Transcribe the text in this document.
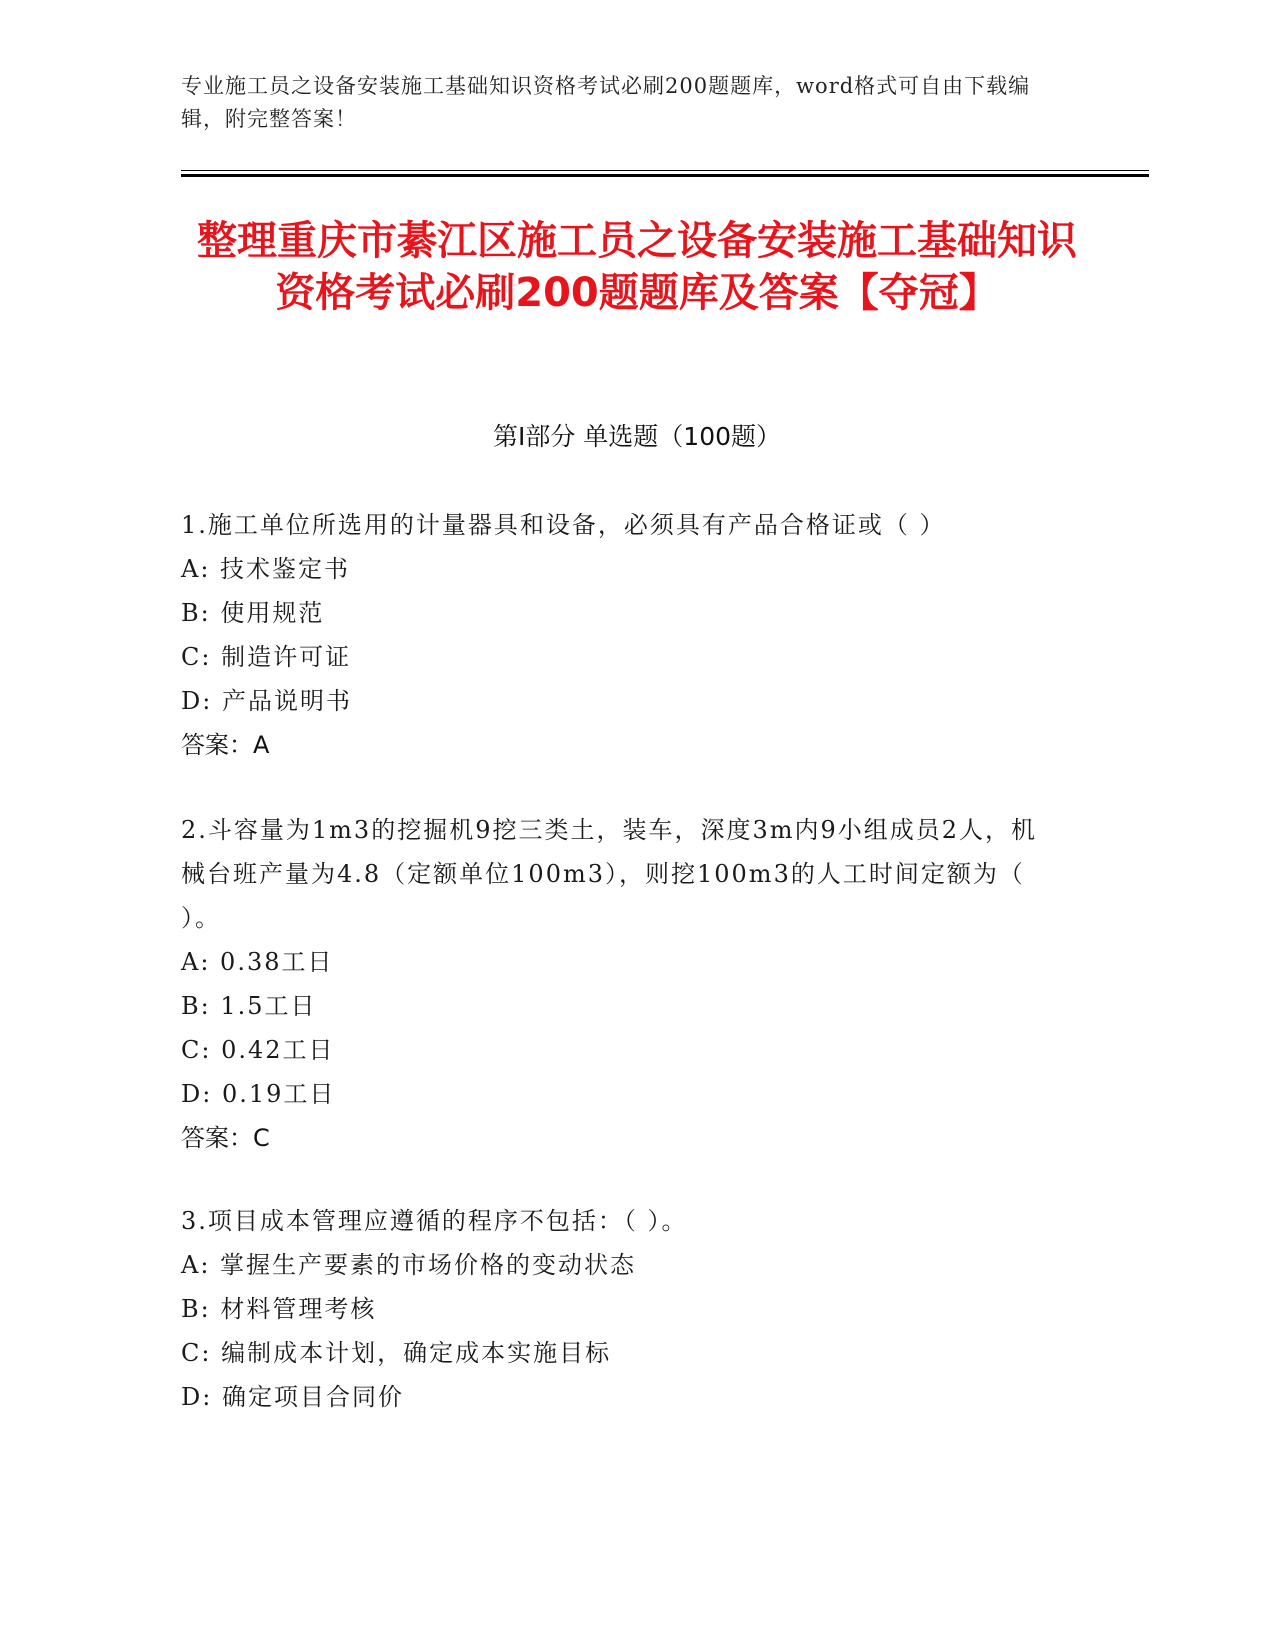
专业施工员之设备安装施工基础知识资格考试必刷200题题库，word格式可自由下载编辑，附完整答案！
整理重庆市綦江区施工员之设备安装施工基础知识资格考试必刷200题题库及答案【夺冠】
第Ⅰ部分 单选题（100题）
1.施工单位所选用的计量器具和设备，必须具有产品合格证或（ ）
A: 技术鉴定书
B: 使用规范
C: 制造许可证
D: 产品说明书
答案：A
2.斗容量为1m3的挖掘机9挖三类土，装车，深度3m内9小组成员2人，机械台班产量为4.8（定额单位100m3），则挖100m3的人工时间定额为（ ）。
A: 0.38工日
B: 1.5工日
C: 0.42工日
D: 0.19工日
答案：C
3.项目成本管理应遵循的程序不包括：（ ）。
A: 掌握生产要素的市场价格的变动状态
B: 材料管理考核
C: 编制成本计划，确定成本实施目标
D: 确定项目合同价
